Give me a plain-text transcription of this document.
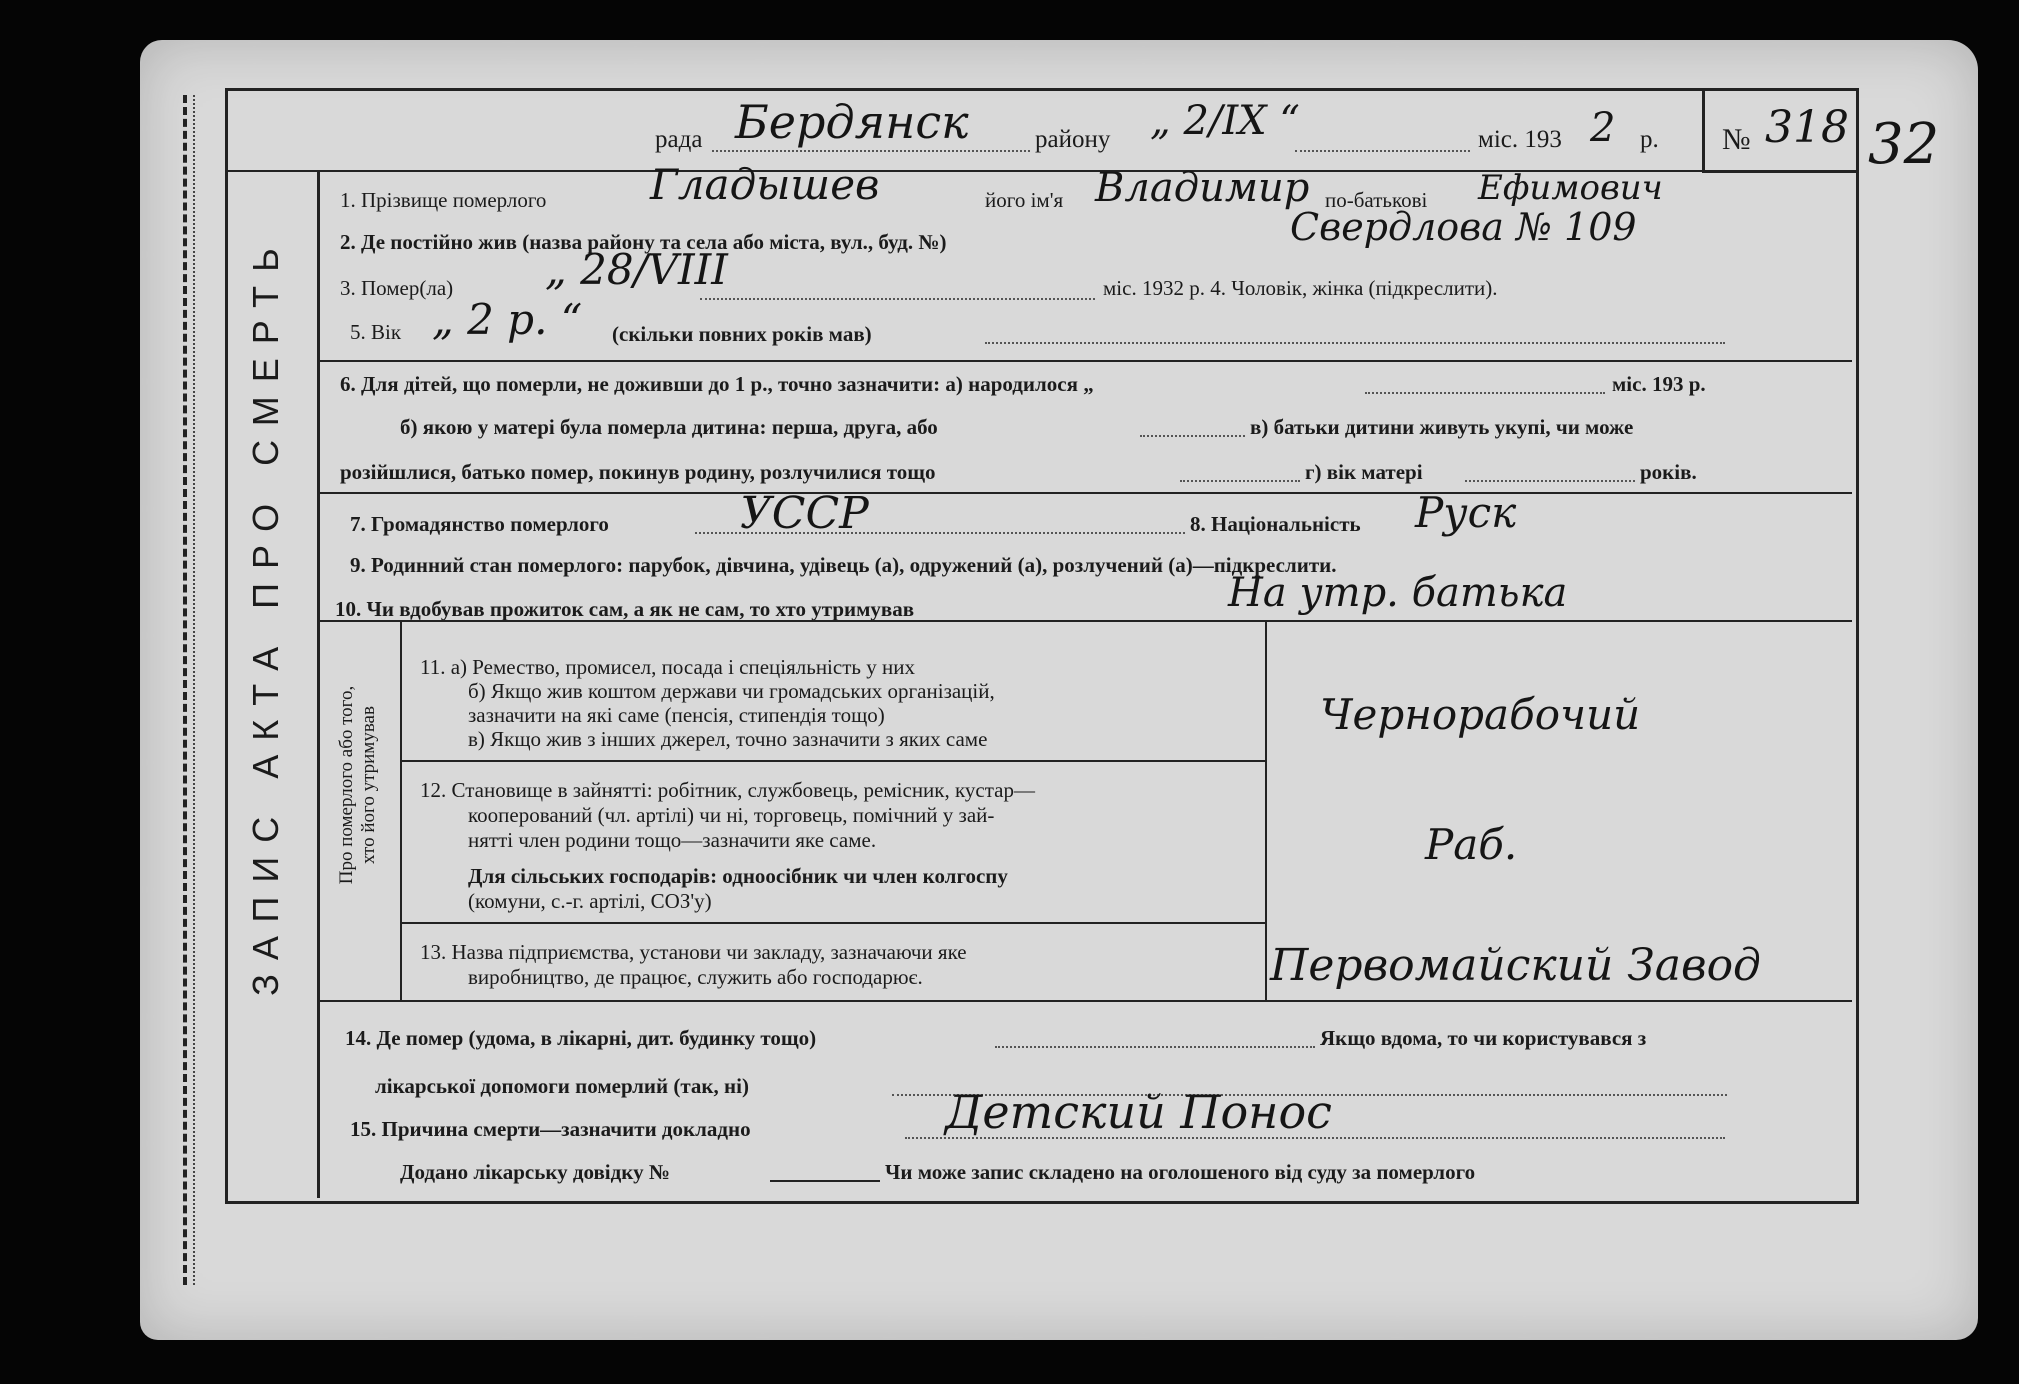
ЗАПИС АКТА ПРО СМЕРТЬ
рада Бердянск	району „ 2/IX “	міс. 193 2 р. № 318 32
1. Прізвище померлого Гладышев	його ім'я Владимир по-батькові Ефимович
2. Де постійно жив (назва району та села або міста, вул., буд. №)	Свердлова № 109
3. Помер(ла) „ 28/VIII	міс. 1932 р. 4. Чоловік, жінка (підкреслити).
5. Вік „ 2 р. “ (скільки повних років мав)
6. Для дітей, що померли, не доживши до 1 р., точно зазначити: а) народилося „	міс. 193 р.
б) якою у матері була померла дитина: перша, друга, або	в) батьки дитини живуть укупі, чи може
розійшлися, батько помер, покинув родину, розлучилися тощо	г) вік матері	років.
7. Громадянство померлого	УССР	8. Національність Руск
9. Родинний стан померлого: парубок, дівчина, удівець (а), одружений (а), розлучений (а)—підкреслити.
10. Чи вдобував прожиток сам, а як не сам, то хто утримував	На утр. батька
Про померлого або того, хто його утримував
11. а) Ремество, промисел, посада і спеціяльність у них
б) Якщо жив коштом держави чи громадських організацій,
зазначити на які саме (пенсія, стипендія тощо)
в) Якщо жив з інших джерел, точно зазначити з яких саме	Чернорабочий
12. Становище в зайнятті: робітник, службовець, ремісник, кустар—
кооперований (чл. артілі) чи ні, торговець, помічний у зай-
нятті член родини тощо—зазначити яке саме.
Для сільських господарів: одноосібник чи член колгоспу
(комуни, с.-г. артілі, СОЗ'у)
Раб.
13. Назва підприємства, установи чи закладу, зазначаючи яке
виробництво, де працює, служить або господарює.	Первомайский Завод
14. Де помер (удома, в лікарні, дит. будинку тощо)	Якщо вдома, то чи користувався з
лікарської допомоги померлий (так, ні)
15. Причина смерти—зазначити докладно	Детский Понос
Додано лікарську довідку №	Чи може запис складено на оголошеного від суду за померлого
